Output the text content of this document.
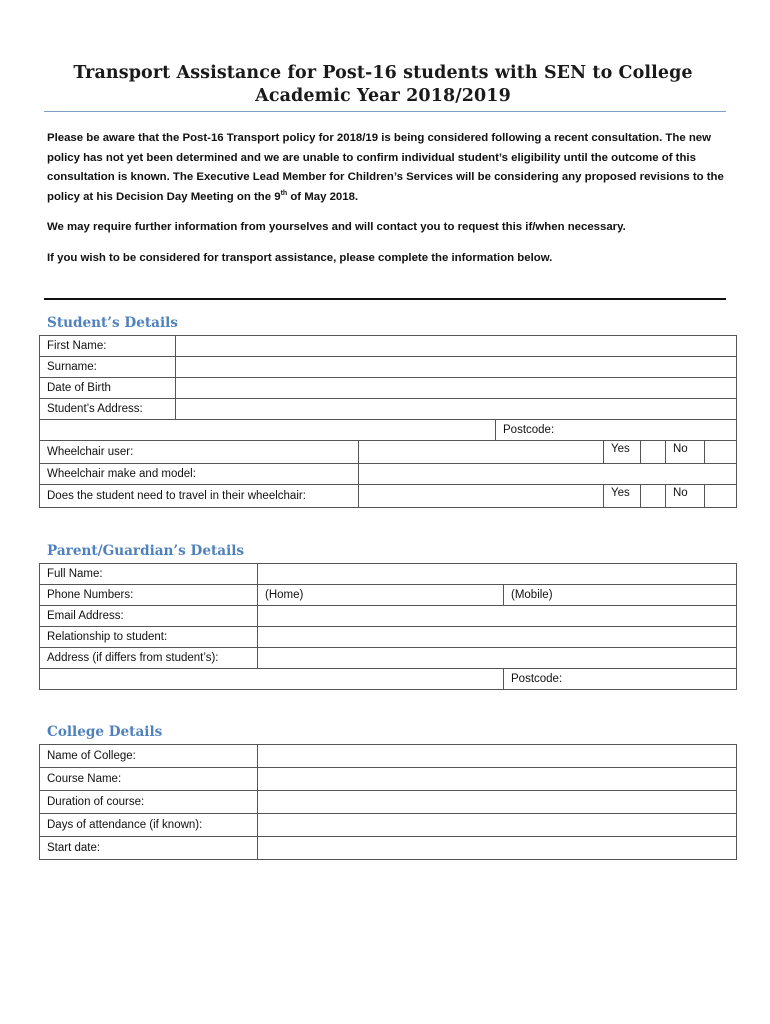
Transport Assistance for Post-16 students with SEN to College
Academic Year 2018/2019

Please be aware that the Post-16 Transport policy for 2018/19 is being considered following a recent consultation. The new policy has not yet been determined and we are unable to confirm individual student’s eligibility until the outcome of this consultation is known. The Executive Lead Member for Children’s Services will be considering any proposed revisions to the policy at his Decision Day Meeting on the 9th of May 2018.

We may require further information from yourselves and will contact you to request this if/when necessary.

If you wish to be considered for transport assistance, please complete the information below.

Student’s Details
First Name:							
Surname:							
Date of Birth							
Student’s Address:							
			Postcode:				
Wheelchair user:				Yes		No	
Wheelchair make and model:							
Does the student need to travel in their wheelchair:				Yes		No	
Parent/Guardian’s Details
Full Name:		
Phone Numbers:	(Home)	(Mobile)
Email Address:		
Relationship to student:		
Address (if differs from student’s):		
		Postcode:
College Details
Name of College:	
Course Name:	
Duration of course:	
Days of attendance (if known):	
Start date:	
